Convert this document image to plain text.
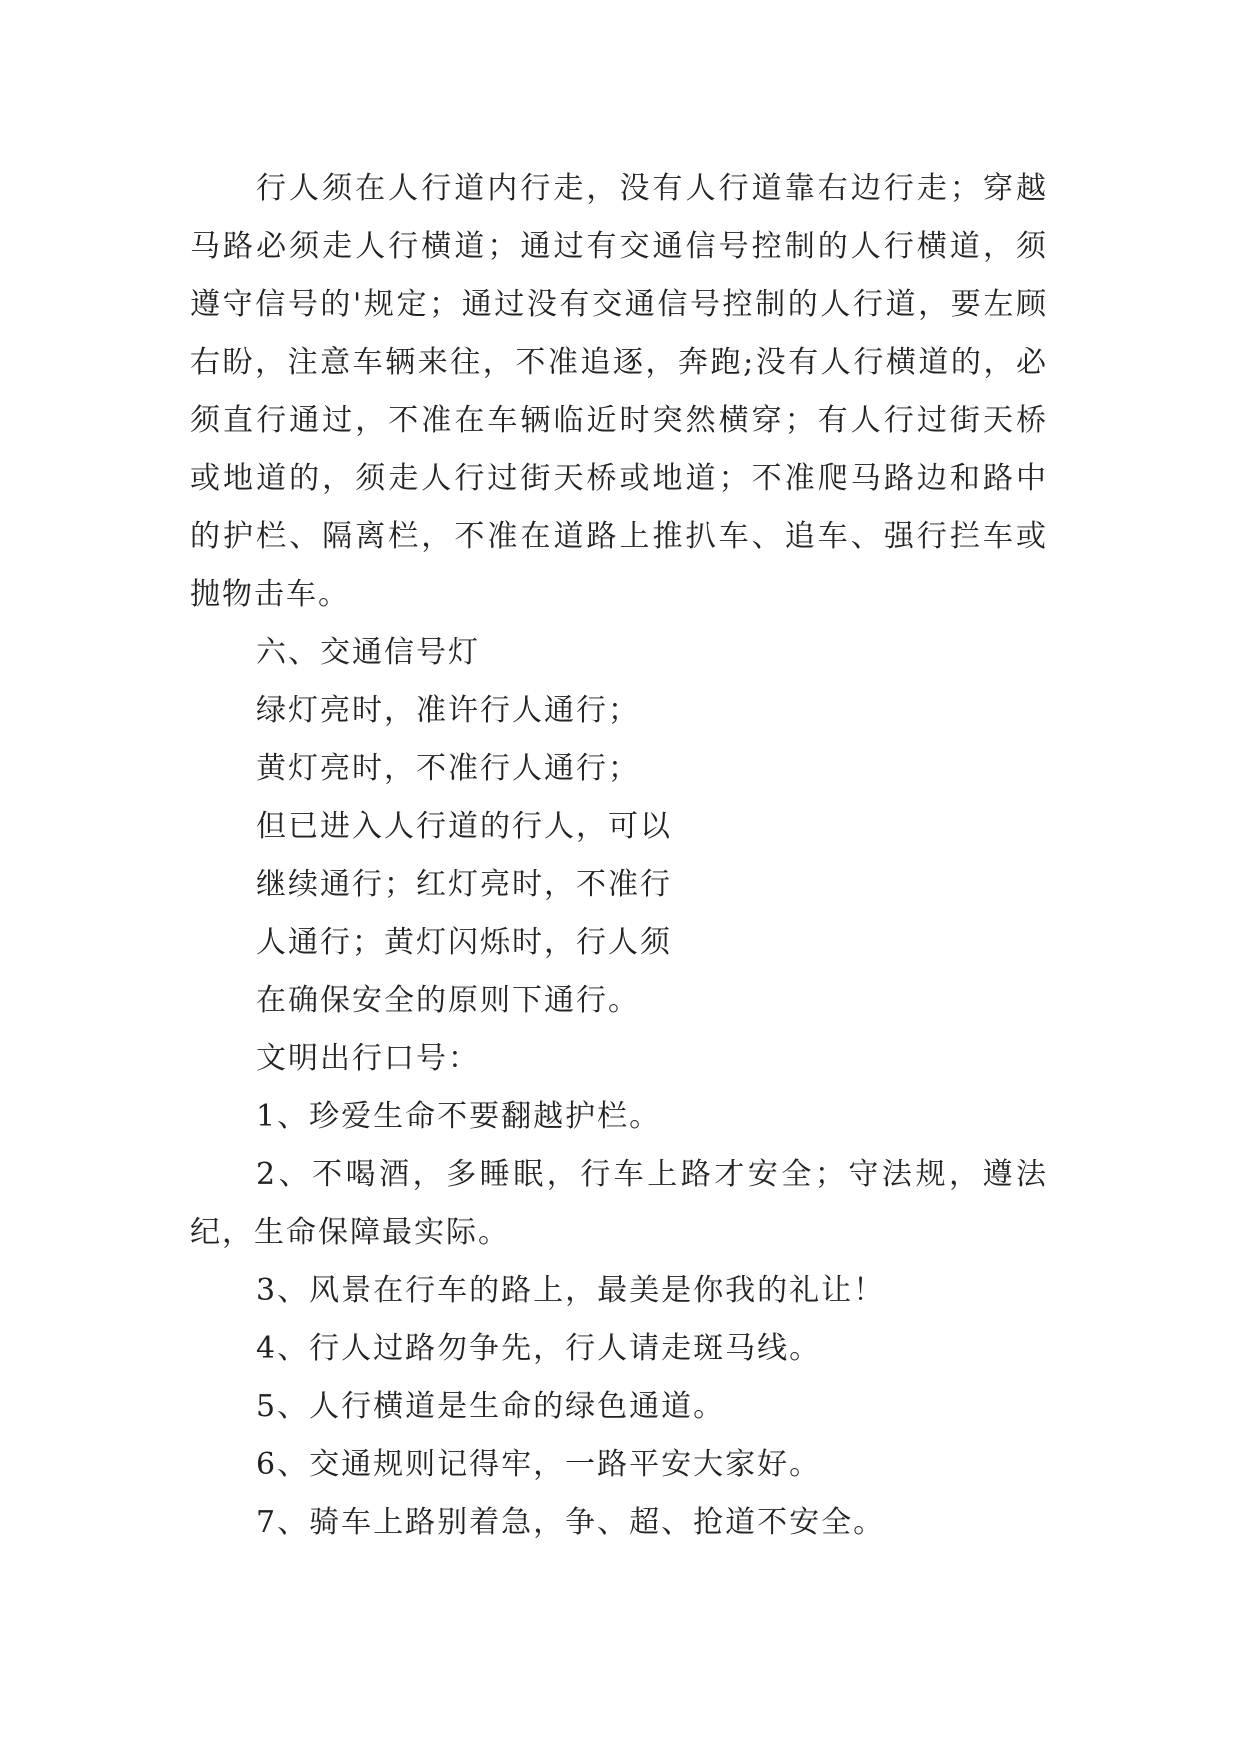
行人须在人行道内行走，没有人行道靠右边行走；穿越马路必须走人行横道；通过有交通信号控制的人行横道，须遵守信号的'规定；通过没有交通信号控制的人行道，要左顾右盼，注意车辆来往，不准追逐，奔跑;没有人行横道的，必须直行通过，不准在车辆临近时突然横穿；有人行过街天桥或地道的，须走人行过街天桥或地道；不准爬马路边和路中的护栏、隔离栏，不准在道路上推扒车、追车、强行拦车或抛物击车。

六、交通信号灯

绿灯亮时，准许行人通行；

黄灯亮时，不准行人通行；

但已进入人行道的行人，可以

继续通行；红灯亮时，不准行

人通行；黄灯闪烁时，行人须

在确保安全的原则下通行。

文明出行口号：

1、珍爱生命不要翻越护栏。

2、不喝酒，多睡眠，行车上路才安全；守法规，遵法纪，生命保障最实际。

3、风景在行车的路上，最美是你我的礼让！

4、行人过路勿争先，行人请走斑马线。

5、人行横道是生命的绿色通道。

6、交通规则记得牢，一路平安大家好。

7、骑车上路别着急，争、超、抢道不安全。
